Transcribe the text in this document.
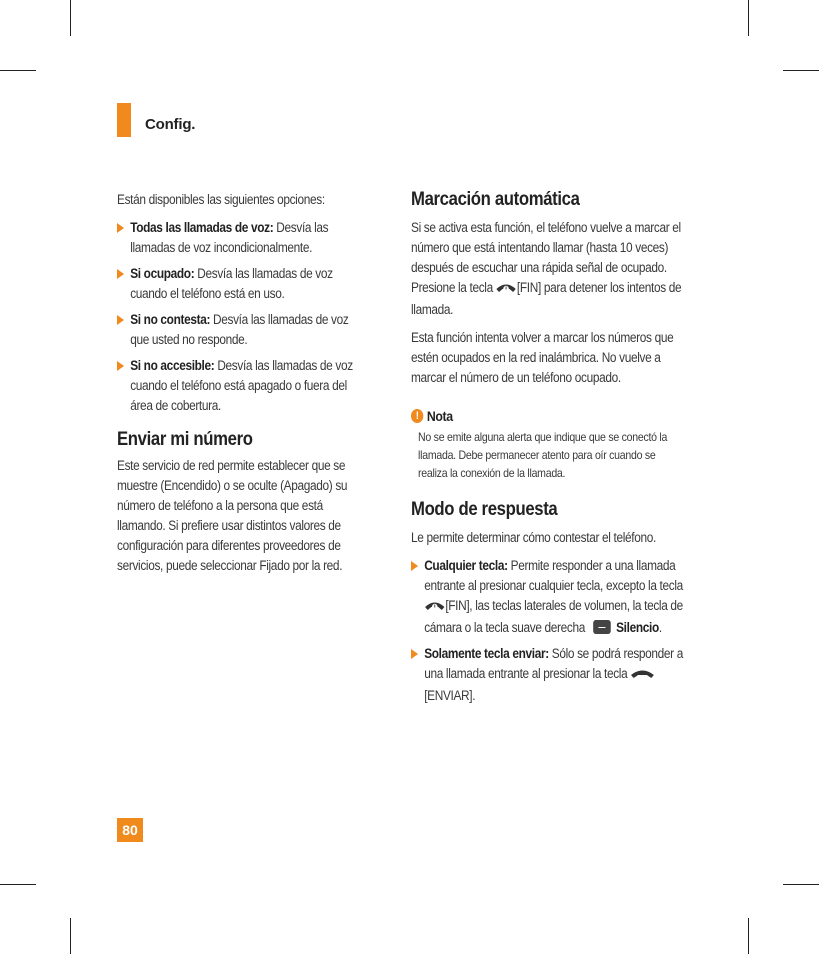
Config.

Están disponibles las siguientes opciones:

Todas las llamadas de voz: Desvía las llamadas de voz incondicionalmente.
Si ocupado: Desvía las llamadas de voz cuando el teléfono está en uso.
Si no contesta: Desvía las llamadas de voz que usted no responde.
Si no accesible: Desvía las llamadas de voz cuando el teléfono está apagado o fuera del área de cobertura.
Enviar mi número

Este servicio de red permite establecer que se muestre (Encendido) o se oculte (Apagado) su número de teléfono a la persona que está llamando. Si prefiere usar distintos valores de configuración para diferentes proveedores de servicios, puede seleccionar Fijado por la red.

Marcación automática

Si se activa esta función, el teléfono vuelve a marcar el número que está intentando llamar (hasta 10 veces) después de escuchar una rápida señal de ocupado. Presione la tecla [FIN] para detener los intentos de llamada.

Esta función intenta volver a marcar los números que estén ocupados en la red inalámbrica. No vuelve a marcar el número de un teléfono ocupado.

! Nota
No se emite alguna alerta que indique que se conectó la llamada. Debe permanecer atento para oír cuando se realiza la conexión de la llamada.
Modo de respuesta

Le permite determinar cómo contestar el teléfono.

Cualquier tecla: Permite responder a una llamada entrante al presionar cualquier tecla, excepto la tecla [FIN], las teclas laterales de volumen, la tecla de cámara o la tecla suave derecha Silencio.
Solamente tecla enviar: Sólo se podrá responder a una llamada entrante al presionar la tecla [ENVIAR].
80
